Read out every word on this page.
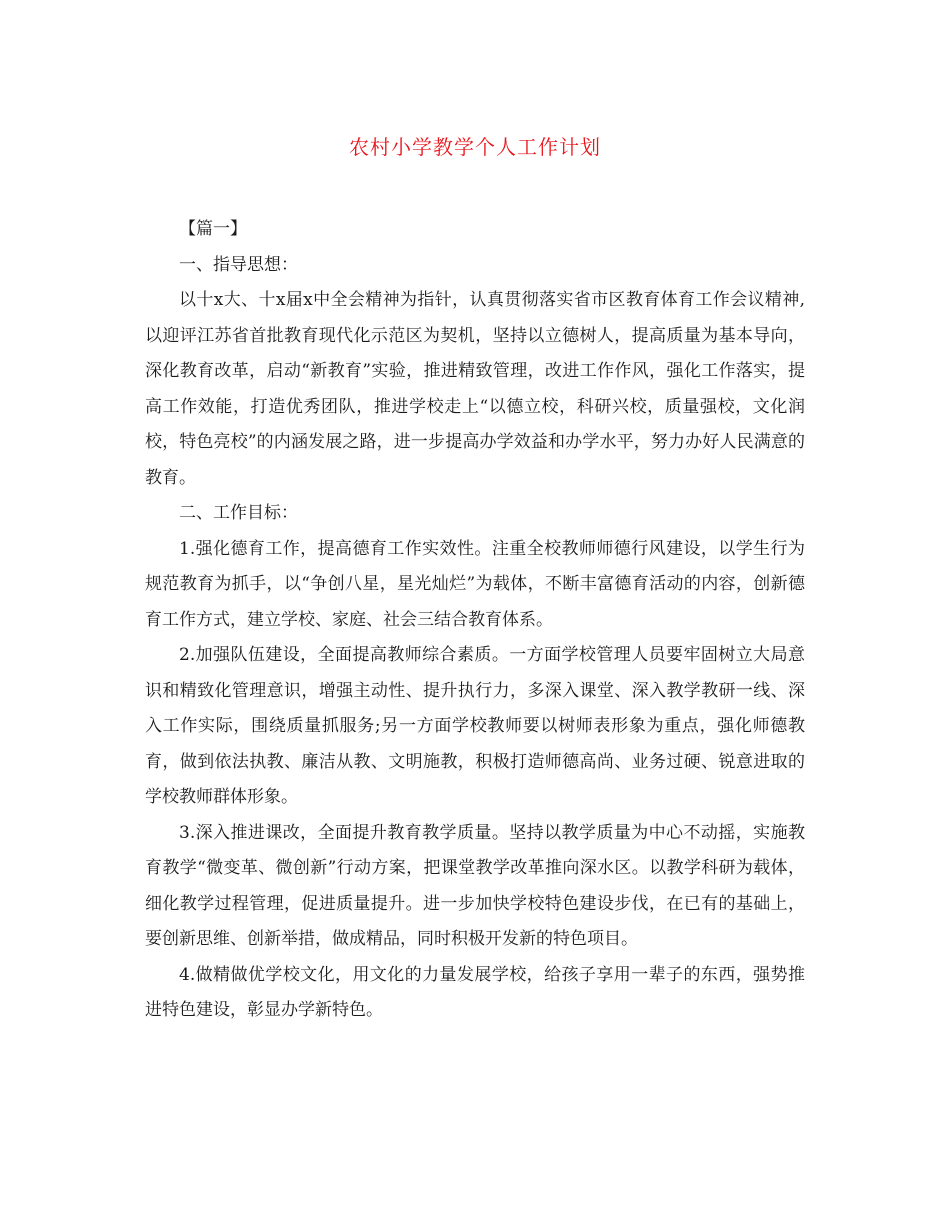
农村小学教学个人工作计划

【篇一】

一、指导思想：

以十x大、十x届x中全会精神为指针，认真贯彻落实省市区教育体育工作会议精神,以迎评江苏省首批教育现代化示范区为契机，坚持以立德树人，提高质量为基本导向，深化教育改革，启动“新教育”实验，推进精致管理，改进工作作风，强化工作落实，提高工作效能，打造优秀团队，推进学校走上“以德立校，科研兴校，质量强校，文化润校，特色亮校”的内涵发展之路，进一步提高办学效益和办学水平，努力办好人民满意的教育。

二、工作目标：

1.强化德育工作，提高德育工作实效性。注重全校教师师德行风建设，以学生行为规范教育为抓手，以“争创八星，星光灿烂”为载体，不断丰富德育活动的内容，创新德育工作方式，建立学校、家庭、社会三结合教育体系。

2.加强队伍建设，全面提高教师综合素质。一方面学校管理人员要牢固树立大局意识和精致化管理意识，增强主动性、提升执行力，多深入课堂、深入教学教研一线、深入工作实际，围绕质量抓服务;另一方面学校教师要以树师表形象为重点，强化师德教育，做到依法执教、廉洁从教、文明施教，积极打造师德高尚、业务过硬、锐意进取的学校教师群体形象。

3.深入推进课改，全面提升教育教学质量。坚持以教学质量为中心不动摇，实施教育教学“微变革、微创新”行动方案，把课堂教学改革推向深水区。以教学科研为载体，细化教学过程管理，促进质量提升。进一步加快学校特色建设步伐，在已有的基础上，要创新思维、创新举措，做成精品，同时积极开发新的特色项目。

4.做精做优学校文化，用文化的力量发展学校，给孩子享用一辈子的东西，强势推进特色建设，彰显办学新特色。
